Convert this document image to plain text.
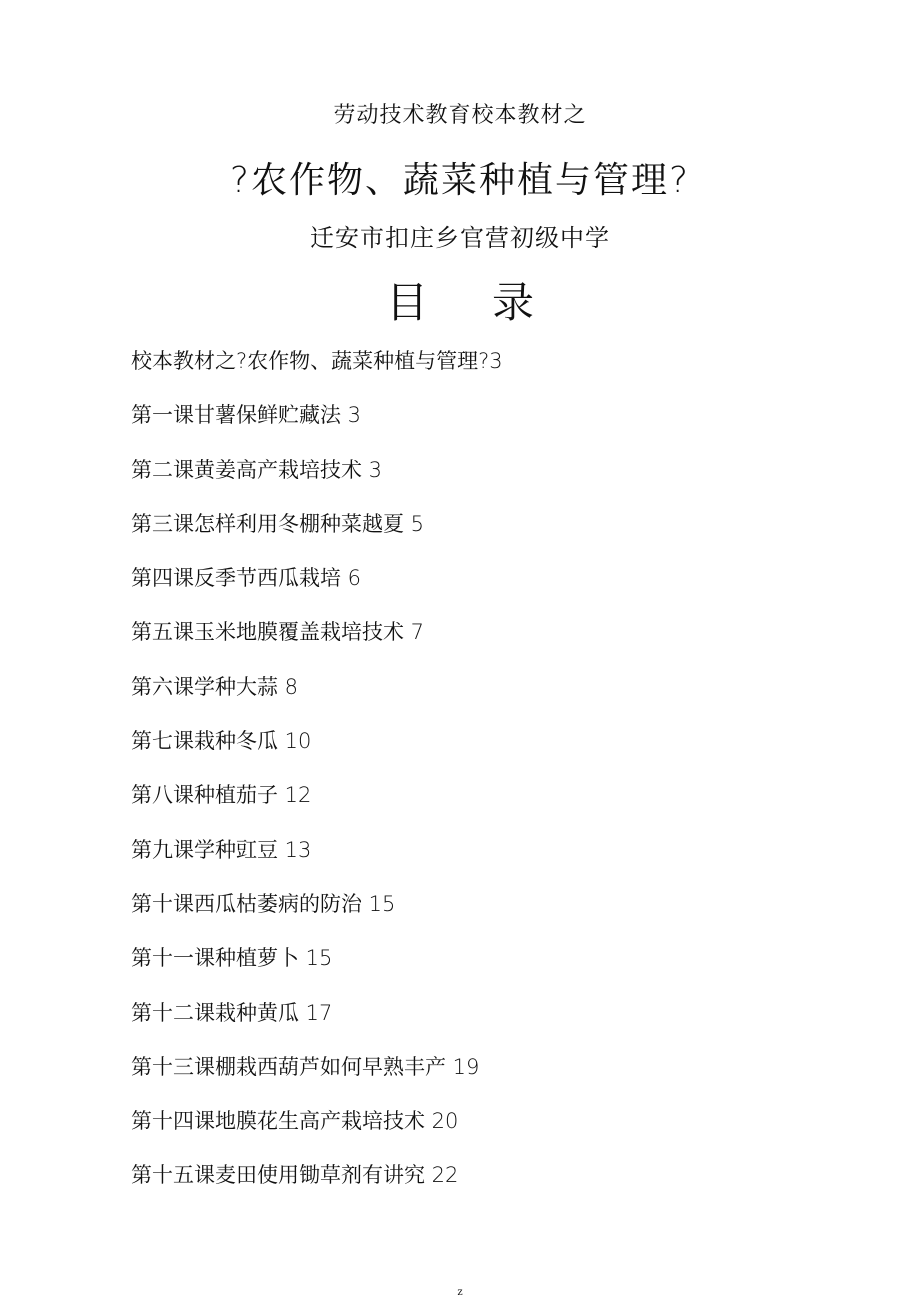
劳动技术教育校本教材之
?农作物、蔬菜种植与管理?
迁安市扣庄乡官营初级中学
目 录
校本教材之?农作物、蔬菜种植与管理?3
第一课甘薯保鲜贮藏法 3
第二课黄姜高产栽培技术 3
第三课怎样利用冬棚种菜越夏 5
第四课反季节西瓜栽培 6
第五课玉米地膜覆盖栽培技术 7
第六课学种大蒜 8
第七课栽种冬瓜 10
第八课种植茄子 12
第九课学种豇豆 13
第十课西瓜枯萎病的防治 15
第十一课种植萝卜 15
第十二课栽种黄瓜 17
第十三课棚栽西葫芦如何早熟丰产 19
第十四课地膜花生高产栽培技术 20
第十五课麦田使用锄草剂有讲究 22
z
